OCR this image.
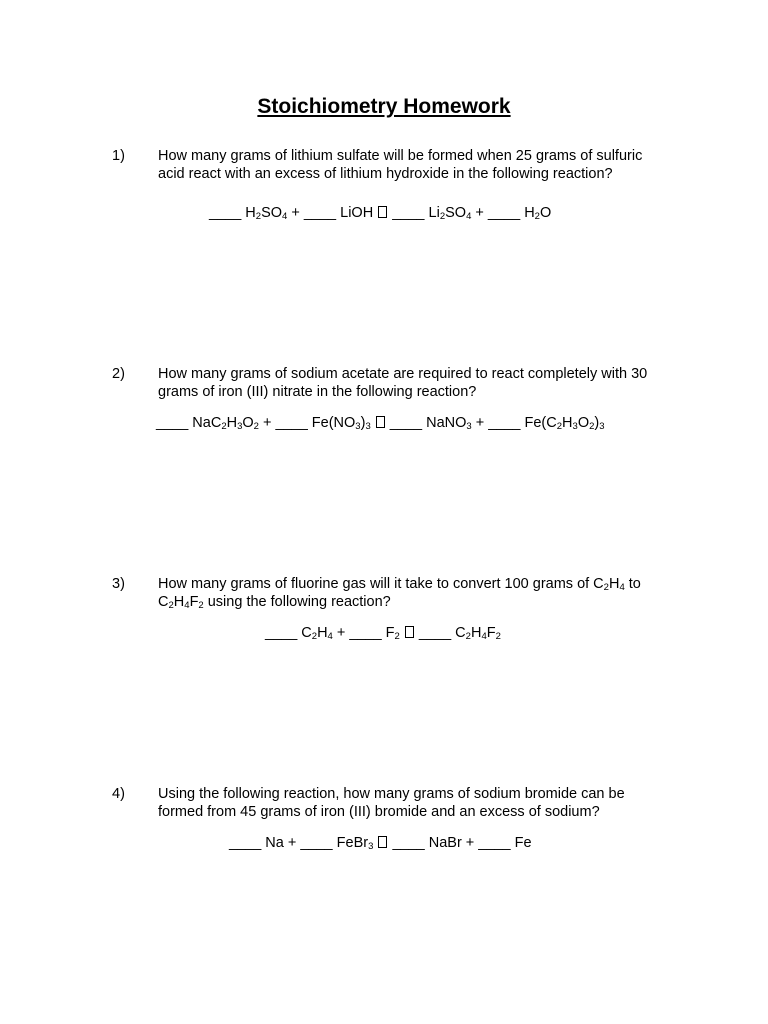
Stoichiometry Homework
1) How many grams of lithium sulfate will be formed when 25 grams of sulfuric acid react with an excess of lithium hydroxide in the following reaction?
____ $H_2SO_4$ + ____ LiOH  ____ $Li_2SO_4$ + ____ $H_2O$
2) How many grams of sodium acetate are required to react completely with 30 grams of iron (III) nitrate in the following reaction?
____ $NaC_2H_3O_2$ + ____ $Fe(NO_3)_3$ ____ NaNO$_3$ + ____ $Fe(C_2H_3O_2)_3$
3) How many grams of fluorine gas will it take to convert 100 grams of $C_2H_4$ to $C_2H_4F_2$ using the following reaction?
____ $C_2H_4$ + ____ $F_2$ ____ $C_2H_4F_2$
4) Using the following reaction, how many grams of sodium bromide can be formed from 45 grams of iron (III) bromide and an excess of sodium?
____ Na + ____ FeBr$_3$ ____ NaBr + ____ Fe
